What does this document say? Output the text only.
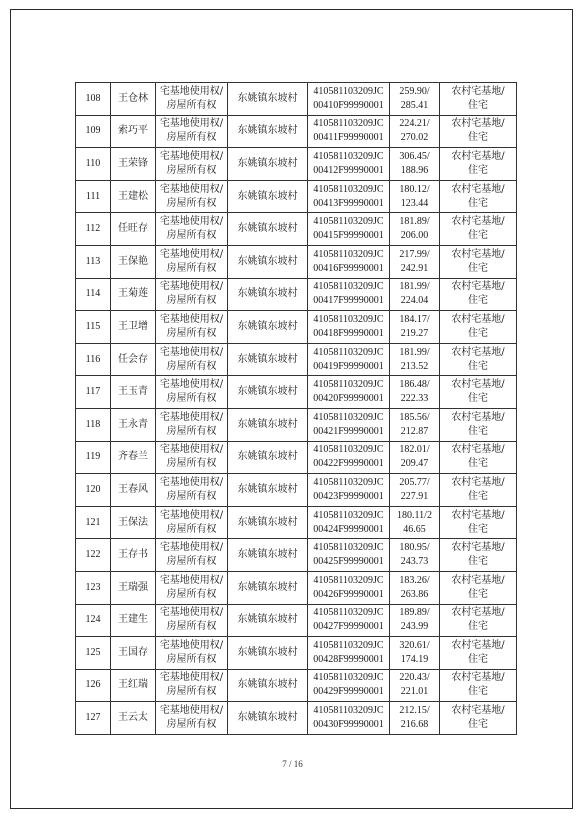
108	王仓林	宅基地使用权/
房屋所有权	东姚镇东坡村	410581103209JC
00410F99990001	259.90/
285.41	农村宅基地/
住宅

109	索巧平	宅基地使用权/
房屋所有权	东姚镇东坡村	410581103209JC
00411F99990001	224.21/
270.02	农村宅基地/
住宅

110	王荣锋	宅基地使用权/
房屋所有权	东姚镇东坡村	410581103209JC
00412F99990001	306.45/
188.96	农村宅基地/
住宅

111	王建松	宅基地使用权/
房屋所有权	东姚镇东坡村	410581103209JC
00413F99990001	180.12/
123.44	农村宅基地/
住宅

112	任旺存	宅基地使用权/
房屋所有权	东姚镇东坡村	410581103209JC
00415F99990001	181.89/
206.00	农村宅基地/
住宅

113	王保艳	宅基地使用权/
房屋所有权	东姚镇东坡村	410581103209JC
00416F99990001	217.99/
242.91	农村宅基地/
住宅

114	王菊莲	宅基地使用权/
房屋所有权	东姚镇东坡村	410581103209JC
00417F99990001	181.99/
224.04	农村宅基地/
住宅

115	王卫增	宅基地使用权/
房屋所有权	东姚镇东坡村	410581103209JC
00418F99990001	184.17/
219.27	农村宅基地/
住宅

116	任会存	宅基地使用权/
房屋所有权	东姚镇东坡村	410581103209JC
00419F99990001	181.99/
213.52	农村宅基地/
住宅

117	王玉青	宅基地使用权/
房屋所有权	东姚镇东坡村	410581103209JC
00420F99990001	186.48/
222.33	农村宅基地/
住宅

118	王永青	宅基地使用权/
房屋所有权	东姚镇东坡村	410581103209JC
00421F99990001	185.56/
212.87	农村宅基地/
住宅

119	齐春兰	宅基地使用权/
房屋所有权	东姚镇东坡村	410581103209JC
00422F99990001	182.01/
209.47	农村宅基地/
住宅

120	王春风	宅基地使用权/
房屋所有权	东姚镇东坡村	410581103209JC
00423F99990001	205.77/
227.91	农村宅基地/
住宅

121	王保法	宅基地使用权/
房屋所有权	东姚镇东坡村	410581103209JC
00424F99990001	180.11/2
46.65	农村宅基地/
住宅

122	王存书	宅基地使用权/
房屋所有权	东姚镇东坡村	410581103209JC
00425F99990001	180.95/
243.73	农村宅基地/
住宅

123	王瑞强	宅基地使用权/
房屋所有权	东姚镇东坡村	410581103209JC
00426F99990001	183.26/
263.86	农村宅基地/
住宅

124	王建生	宅基地使用权/
房屋所有权	东姚镇东坡村	410581103209JC
00427F99990001	189.89/
243.99	农村宅基地/
住宅

125	王国存	宅基地使用权/
房屋所有权	东姚镇东坡村	410581103209JC
00428F99990001	320.61/
174.19	农村宅基地/
住宅

126	王红瑞	宅基地使用权/
房屋所有权	东姚镇东坡村	410581103209JC
00429F99990001	220.43/
221.01	农村宅基地/
住宅

127	王云太	宅基地使用权/
房屋所有权	东姚镇东坡村	410581103209JC
00430F99990001	212.15/
216.68	农村宅基地/
住宅
7 / 16
